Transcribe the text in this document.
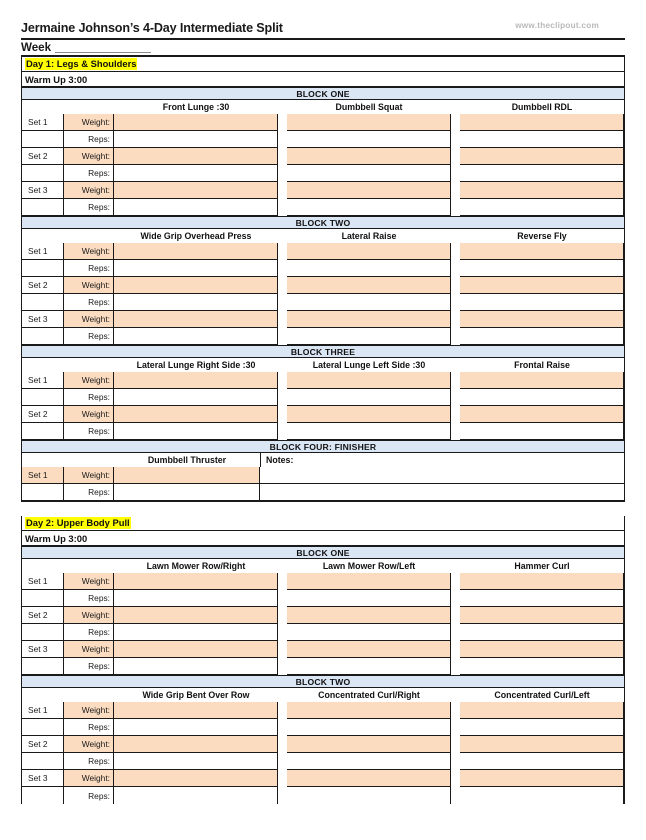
Jermaine Johnson’s 4-Day Intermediate Split	www.theclipout.com
Week
Day 1: Legs & Shoulders
Warm Up 3:00
BLOCK ONE
Front Lunge :30	Dumbbell Squat	Dumbbell RDL
Set 1	Weight:
Reps:
Set 2	Weight:
Reps:
Set 3	Weight:
Reps:
BLOCK TWO
Wide Grip Overhead Press	Lateral Raise	Reverse Fly
Set 1	Weight:
Reps:
Set 2	Weight:
Reps:
Set 3	Weight:
Reps:
BLOCK THREE
Lateral Lunge Right Side :30	Lateral Lunge Left Side :30	Frontal Raise
Set 1	Weight:
Reps:
Set 2	Weight:
Reps:
BLOCK FOUR: FINISHER
Dumbbell Thruster	Notes:
Set 1	Weight:
Reps:
Day 2: Upper Body Pull
Warm Up 3:00
BLOCK ONE
Lawn Mower Row/Right	Lawn Mower Row/Left	Hammer Curl
Set 1	Weight:
Reps:
Set 2	Weight:
Reps:
Set 3	Weight:
Reps:
BLOCK TWO
Wide Grip Bent Over Row	Concentrated Curl/Right	Concentrated Curl/Left
Set 1	Weight:
Reps:
Set 2	Weight:
Reps:
Set 3	Weight:
Reps:
